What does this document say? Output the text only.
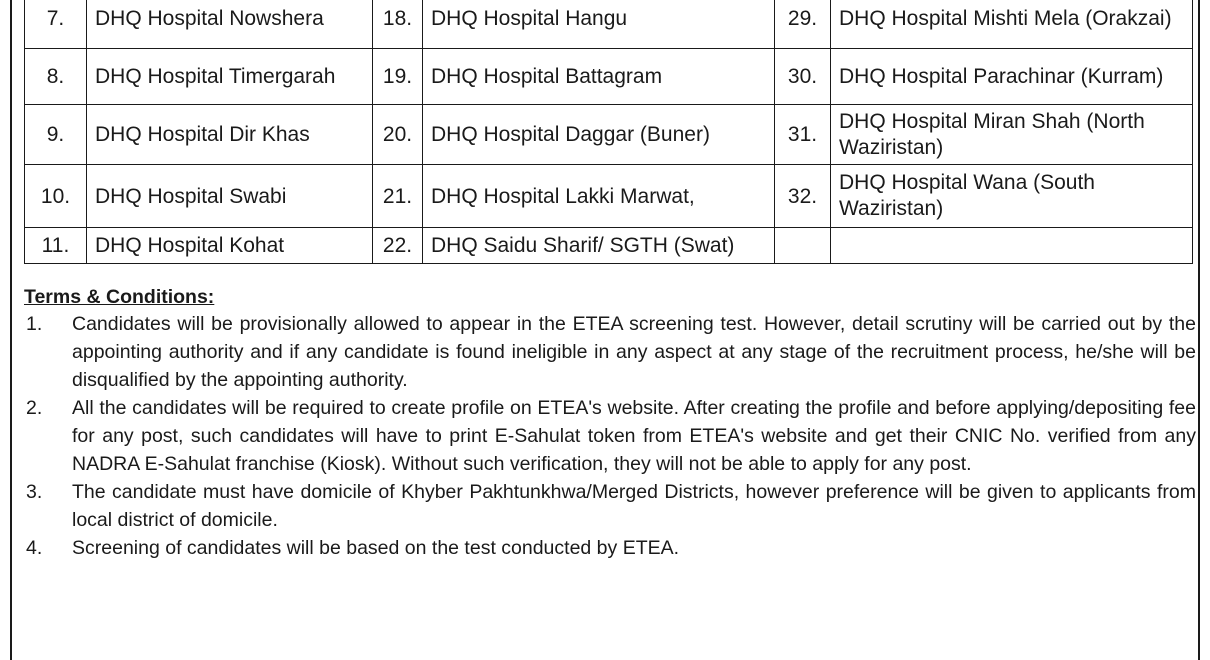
7.	DHQ Hospital Nowshera	18.	DHQ Hospital Hangu	29.	DHQ Hospital Mishti Mela (Orakzai)
8.	DHQ Hospital Timergarah	19.	DHQ Hospital Battagram	30.	DHQ Hospital Parachinar (Kurram)
9.	DHQ Hospital Dir Khas	20.	DHQ Hospital Daggar (Buner)	31.	DHQ Hospital Miran Shah (North Waziristan)
10.	DHQ Hospital Swabi	21.	DHQ Hospital Lakki Marwat,	32.	DHQ Hospital Wana (South Waziristan)
11.	DHQ Hospital Kohat	22.	DHQ Saidu Sharif/ SGTH (Swat)		
Terms & Conditions:
1. Candidates will be provisionally allowed to appear in the ETEA screening test. However, detail scrutiny will be carried out by the appointing authority and if any candidate is found ineligible in any aspect at any stage of the recruitment process, he/she will be disqualified by the appointing authority.
2. All the candidates will be required to create profile on ETEA's website. After creating the profile and before applying/depositing fee for any post, such candidates will have to print E-Sahulat token from ETEA's website and get their CNIC No. verified from any NADRA E-Sahulat franchise (Kiosk). Without such verification, they will not be able to apply for any post.
3. The candidate must have domicile of Khyber Pakhtunkhwa/Merged Districts, however preference will be given to applicants from local district of domicile.
4. Screening of candidates will be based on the test conducted by ETEA.
